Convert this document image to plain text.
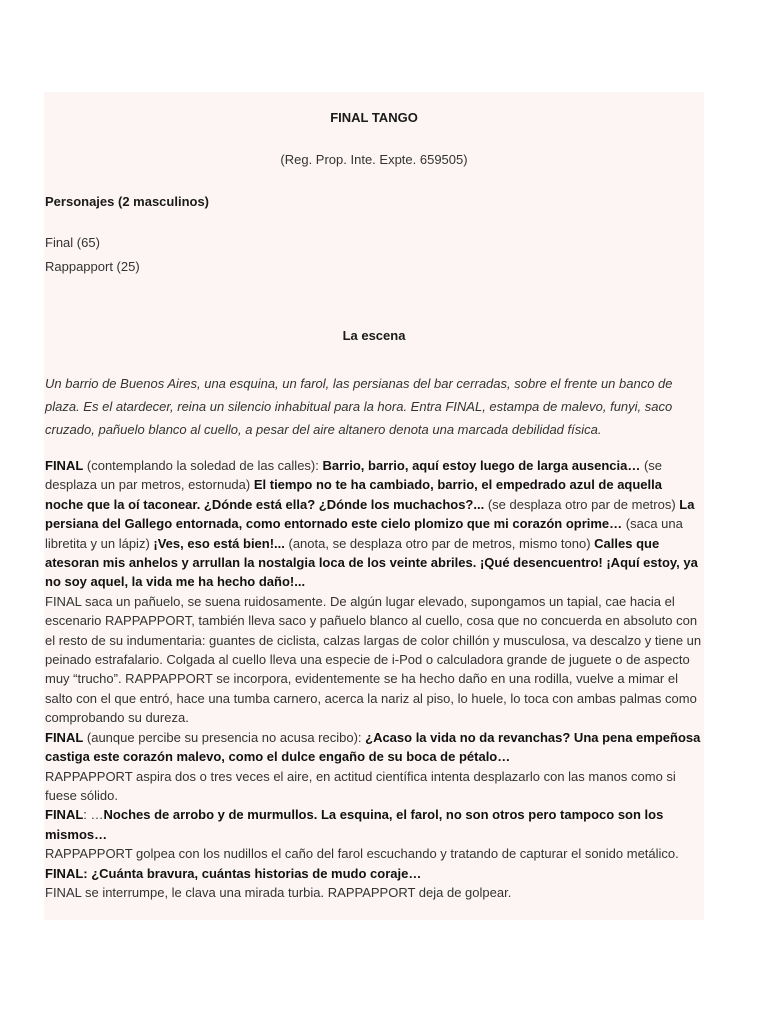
FINAL TANGO
(Reg. Prop. Inte. Expte. 659505)
Personajes (2 masculinos)
Final (65)
Rappapport (25)
La escena
Un barrio de Buenos Aires, una esquina, un farol, las persianas del bar cerradas, sobre el frente un banco de plaza. Es el atardecer, reina un silencio inhabitual para la hora. Entra FINAL, estampa de malevo, funyi, saco cruzado, pañuelo blanco al cuello, a pesar del aire altanero denota una marcada debilidad física.

FINAL (contemplando la soledad de las calles): Barrio, barrio, aquí estoy luego de larga ausencia… (se desplaza un par metros, estornuda) El tiempo no te ha cambiado, barrio, el empedrado azul de aquella noche que la oí taconear. ¿Dónde está ella? ¿Dónde los muchachos?... (se desplaza otro par de metros) La persiana del Gallego entornada, como entornado este cielo plomizo que mi corazón oprime… (saca una libretita y un lápiz) ¡Ves, eso está bien!... (anota, se desplaza otro par de metros, mismo tono) Calles que atesoran mis anhelos y arrullan la nostalgia loca de los veinte abriles. ¡Qué desencuentro! ¡Aquí estoy, ya no soy aquel, la vida me ha hecho daño!...

FINAL saca un pañuelo, se suena ruidosamente. De algún lugar elevado, supongamos un tapial, cae hacia el escenario RAPPAPPORT, también lleva saco y pañuelo blanco al cuello, cosa que no concuerda en absoluto con el resto de su indumentaria: guantes de ciclista, calzas largas de color chillón y musculosa, va descalzo y tiene un peinado estrafalario. Colgada al cuello lleva una especie de i-Pod o calculadora grande de juguete o de aspecto muy “trucho”. RAPPAPPORT se incorpora, evidentemente se ha hecho daño en una rodilla, vuelve a mimar el salto con el que entró, hace una tumba carnero, acerca la nariz al piso, lo huele, lo toca con ambas palmas como comprobando su dureza.

FINAL (aunque percibe su presencia no acusa recibo): ¿Acaso la vida no da revanchas? Una pena empeñosa castiga este corazón malevo, como el dulce engaño de su boca de pétalo…

RAPPAPPORT aspira dos o tres veces el aire, en actitud científica intenta desplazarlo con las manos como si fuese sólido.

FINAL: …Noches de arrobo y de murmullos. La esquina, el farol, no son otros pero tampoco son los mismos…

RAPPAPPORT golpea con los nudillos el caño del farol escuchando y tratando de capturar el sonido metálico.

FINAL: ¿Cuánta bravura, cuántas historias de mudo coraje…

FINAL se interrumpe, le clava una mirada turbia. RAPPAPPORT deja de golpear.
